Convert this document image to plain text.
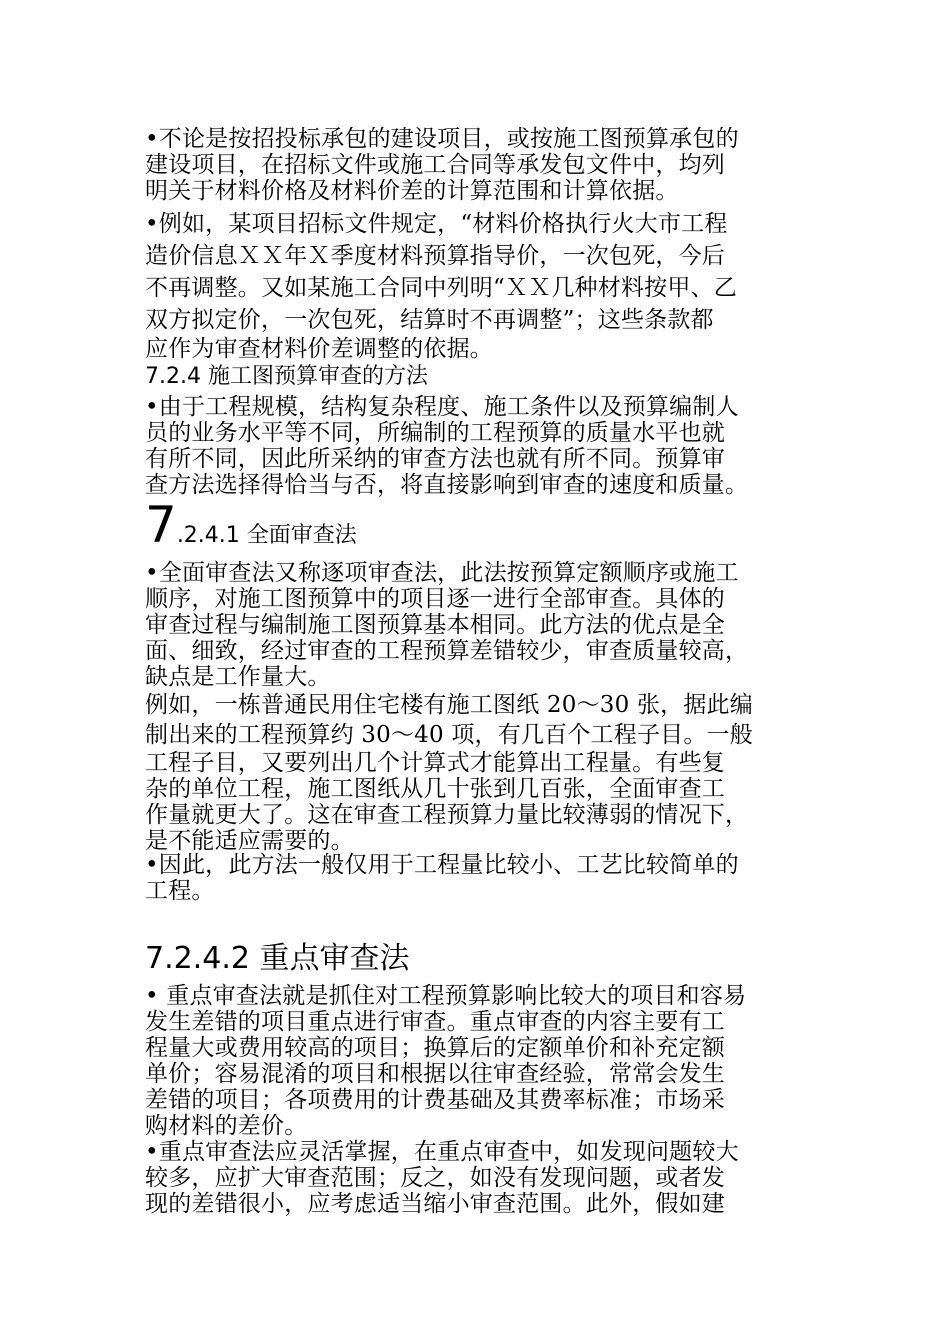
•不论是按招投标承包的建设项目，或按施工图预算承包的
建设项目，在招标文件或施工合同等承发包文件中，均列
明关于材料价格及材料价差的计算范围和计算依据。
•例如，某项目招标文件规定，“材料价格执行火大市工程
造价信息ＸＸ年Ｘ季度材料预算指导价，一次包死，今后
不再调整。又如某施工合同中列明“ＸＸ几种材料按甲、乙
双方拟定价，一次包死，结算时不再调整”；这些条款都
应作为审查材料价差调整的依据。
7.2.4 施工图预算审查的方法
•由于工程规模，结构复杂程度、施工条件以及预算编制人
员的业务水平等不同，所编制的工程预算的质量水平也就
有所不同，因此所采纳的审查方法也就有所不同。预算审
查方法选择得恰当与否，将直接影响到审查的速度和质量。
7.2.4.1 全面审查法
•全面审查法又称逐项审查法，此法按预算定额顺序或施工
顺序，对施工图预算中的项目逐一进行全部审查。具体的
审查过程与编制施工图预算基本相同。此方法的优点是全
面、细致，经过审查的工程预算差错较少，审查质量较高，
缺点是工作量大。
例如，一栋普通民用住宅楼有施工图纸 20～30 张，据此编
制出来的工程预算约 30～40 项，有几百个工程子目。一般
工程子目，又要列出几个计算式才能算出工程量。有些复
杂的单位工程，施工图纸从几十张到几百张，全面审查工
作量就更大了。这在审查工程预算力量比较薄弱的情况下，
是不能适应需要的。
•因此，此方法一般仅用于工程量比较小、工艺比较简单的
工程。
7.2.4.2 重点审查法
• 重点审查法就是抓住对工程预算影响比较大的项目和容易
发生差错的项目重点进行审查。重点审查的内容主要有工
程量大或费用较高的项目；换算后的定额单价和补充定额
单价；容易混淆的项目和根据以往审查经验，常常会发生
差错的项目；各项费用的计费基础及其费率标准；市场采
购材料的差价。
•重点审查法应灵活掌握，在重点审查中，如发现问题较大
较多，应扩大审查范围；反之，如没有发现问题，或者发
现的差错很小，应考虑适当缩小审查范围。此外，假如建
